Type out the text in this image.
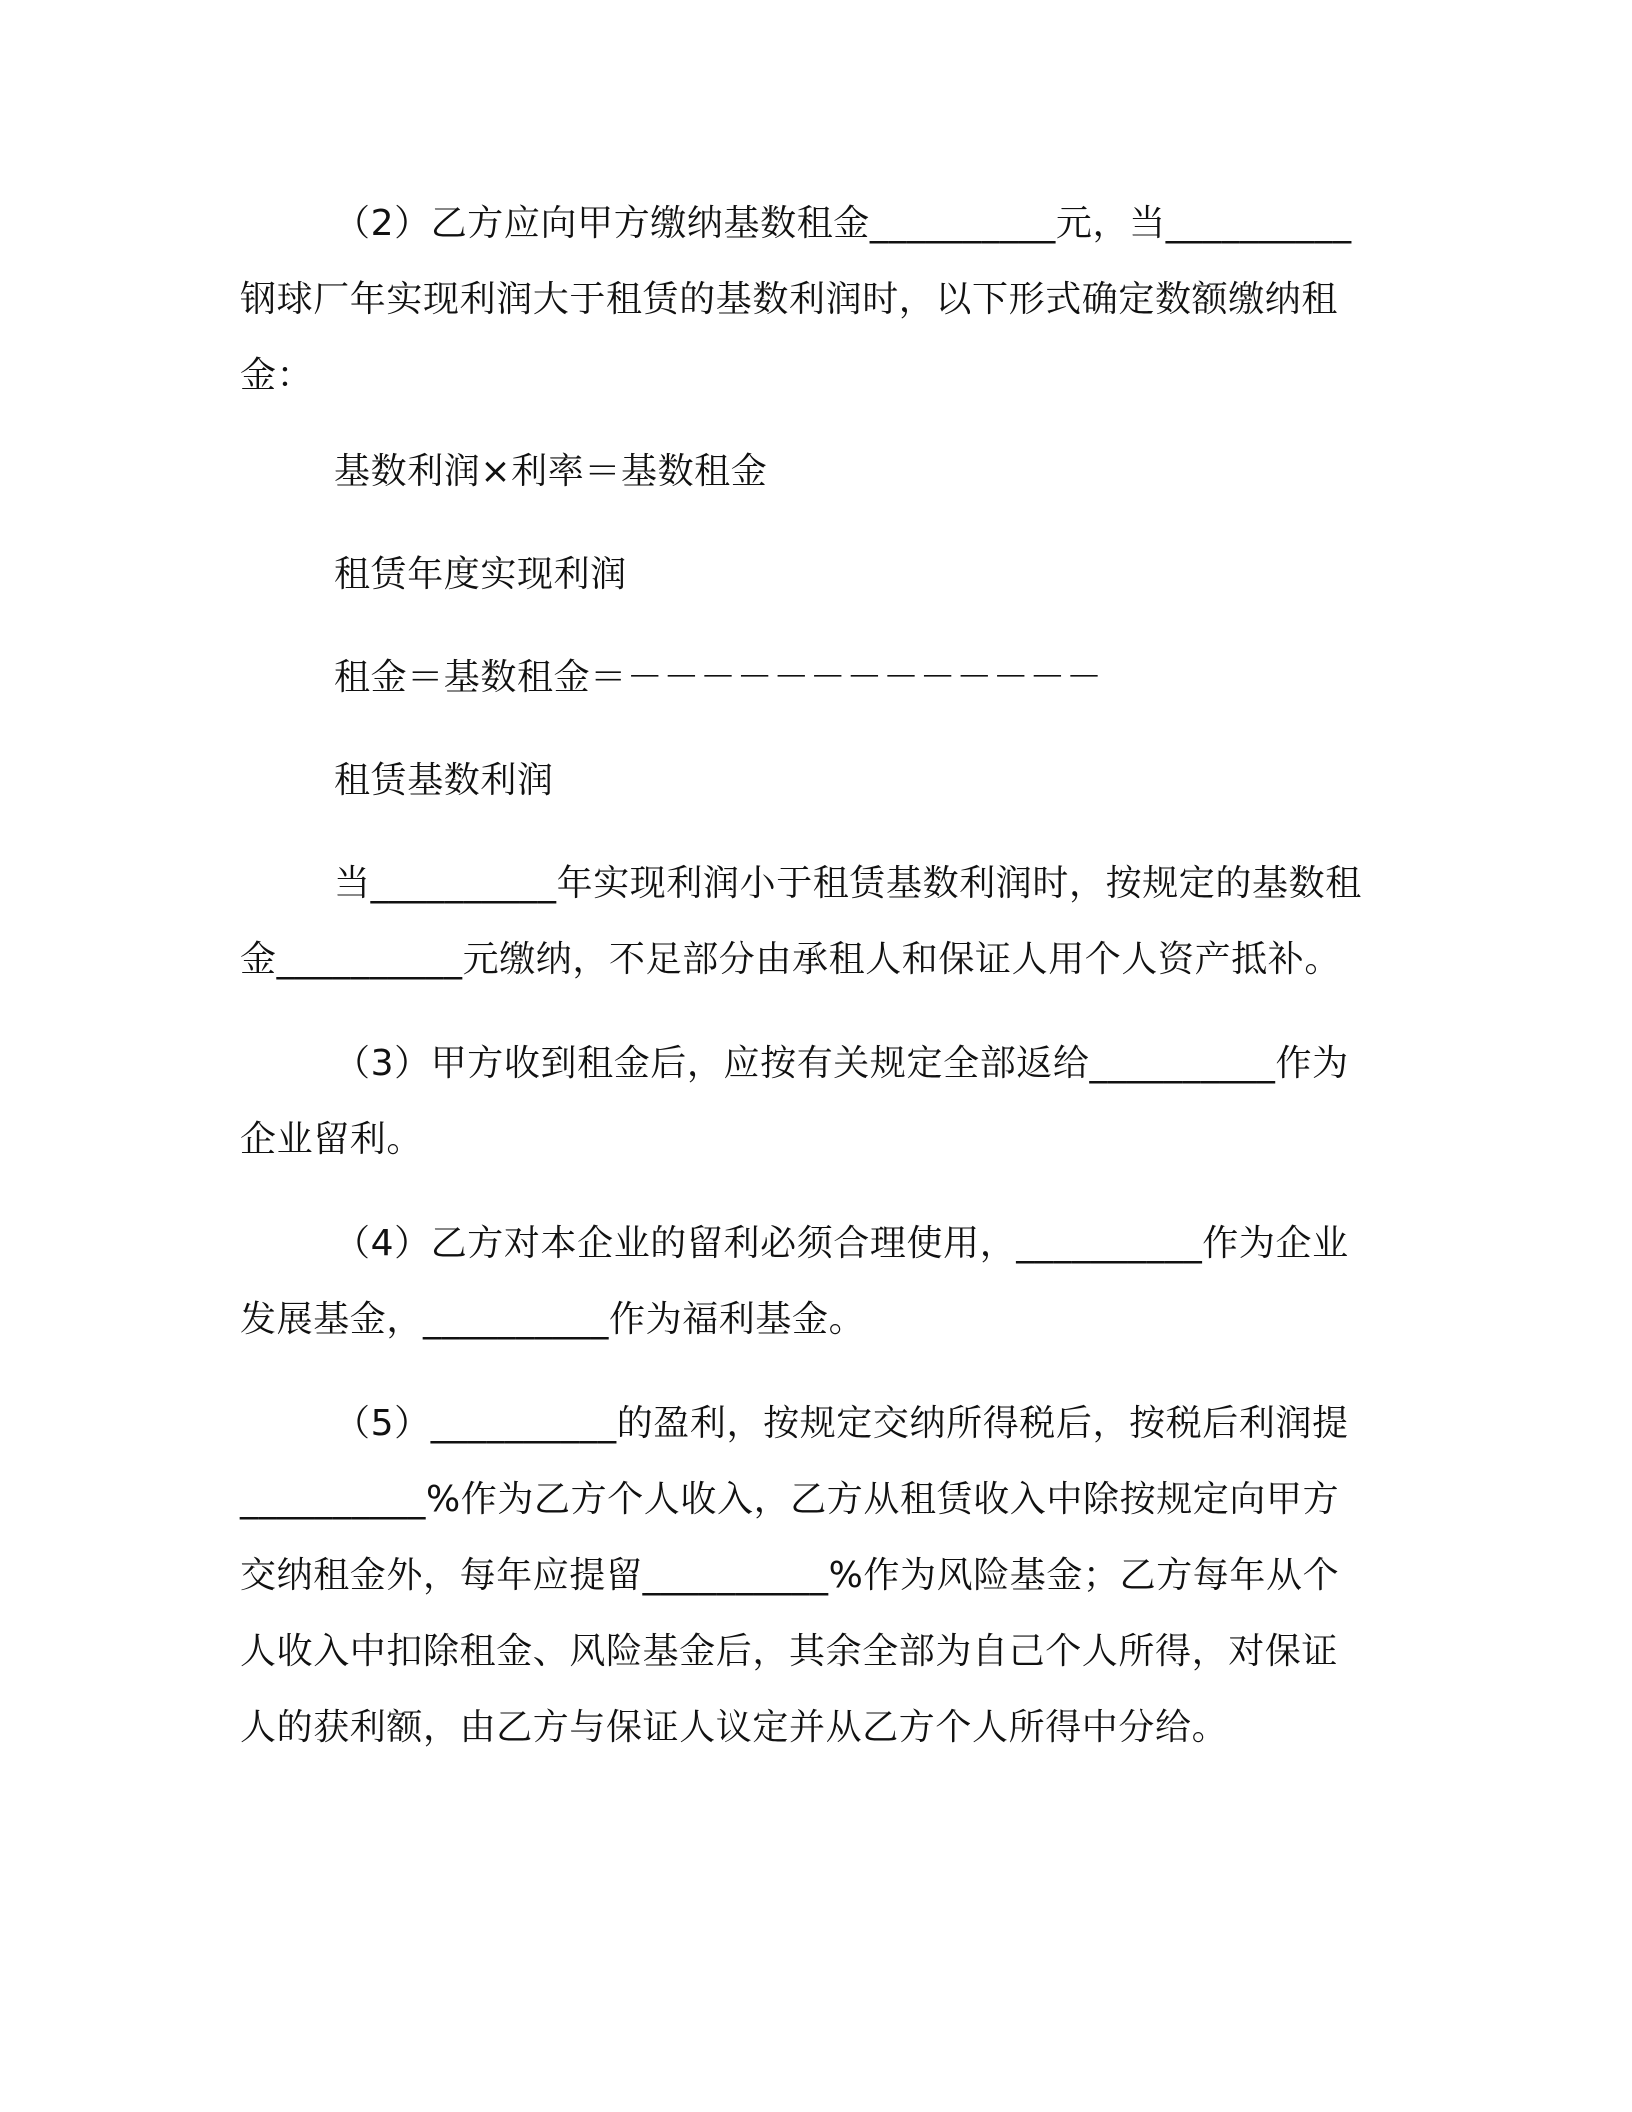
（2）乙方应向甲方缴纳基数租金__________元，当__________
钢球厂年实现利润大于租赁的基数利润时，以下形式确定数额缴纳租
金：
基数利润×利率＝基数租金
租赁年度实现利润
租金＝基数租金＝－－－－－－－－－－－－－
租赁基数利润
当__________年实现利润小于租赁基数利润时，按规定的基数租
金__________元缴纳，不足部分由承租人和保证人用个人资产抵补。
（3）甲方收到租金后，应按有关规定全部返给__________作为
企业留利。
（4）乙方对本企业的留利必须合理使用，__________作为企业
发展基金，__________作为福利基金。
（5）__________的盈利，按规定交纳所得税后，按税后利润提
__________%作为乙方个人收入，乙方从租赁收入中除按规定向甲方
交纳租金外，每年应提留__________%作为风险基金；乙方每年从个
人收入中扣除租金、风险基金后，其余全部为自己个人所得，对保证
人的获利额，由乙方与保证人议定并从乙方个人所得中分给。
